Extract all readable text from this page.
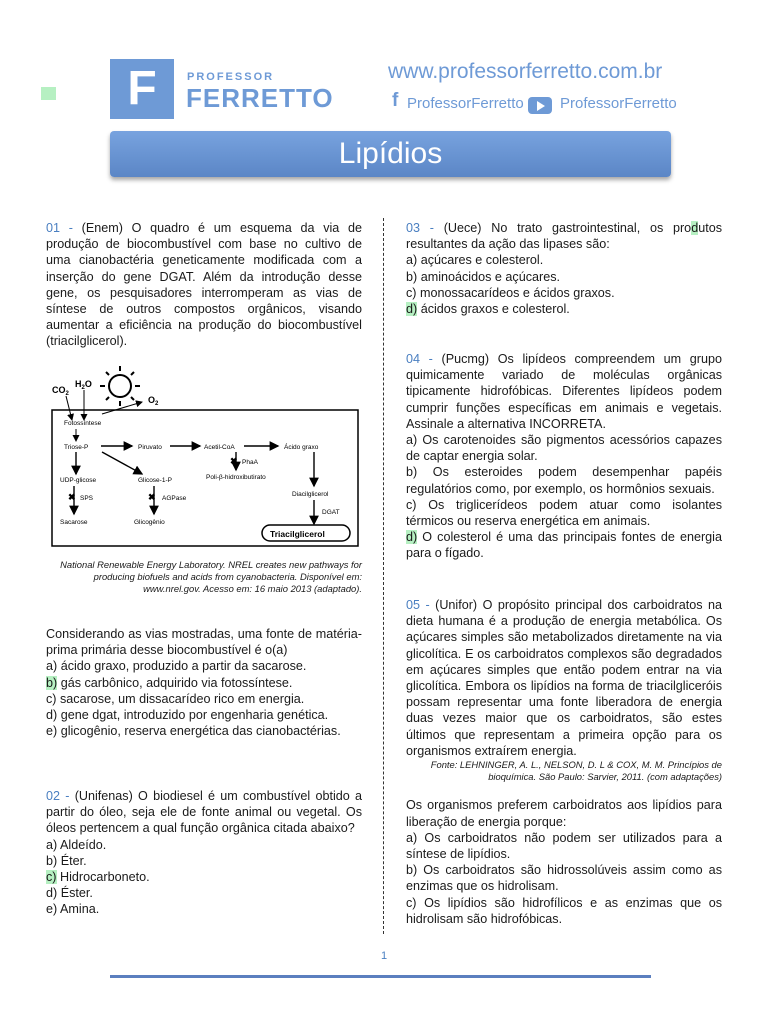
F	PROFESSOR
FERRETTO
www.professorferretto.com.br
f ProfessorFerretto ProfessorFerretto
Lipídios

01 - (Enem) O quadro é um esquema da via de produção de biocombustível com base no cultivo de uma cianobactéria geneticamente modificada com a inserção do gene DGAT. Além da introdução desse gene, os pesquisadores interromperam as vias de síntese de outros compostos orgânicos, visando aumentar a eficiência na produção do biocombustível (triacilglicerol).

$CO_2$
$H_2O$
$O_2$
Fotossíntese
Triose-P	Piruvato	Acetil-CoA	Ácido graxo
✖ PhaA
Poli-β-hidroxibutirato
Diacilglicerol
DGAT
Triacilglicerol
UDP-glicose	Glicose-1-P
✖ SPS
Sacarose
✖ AGPase
Glicogênio
National Renewable Energy Laboratory. NREL creates new pathways for producing biofuels and acids from cyanobacteria. Disponível em: www.nrel.gov. Acesso em: 16 maio 2013 (adaptado).

Considerando as vias mostradas, uma fonte de matéria-prima primária desse biocombustível é o(a)

a) ácido graxo, produzido a partir da sacarose.

b) gás carbônico, adquirido via fotossíntese.

c) sacarose, um dissacarídeo rico em energia.

d) gene dgat, introduzido por engenharia genética.

e) glicogênio, reserva energética das cianobactérias.

02 - (Unifenas) O biodiesel é um combustível obtido a partir do óleo, seja ele de fonte animal ou vegetal. Os óleos pertencem a qual função orgânica citada abaixo?

a) Aldeído.

b) Éter.

c) Hidrocarboneto.

d) Éster.

e) Amina.

03 - (Uece) No trato gastrointestinal, os produtos resultantes da ação das lipases são:

a) açúcares e colesterol.

b) aminoácidos e açúcares.

c) monossacarídeos e ácidos graxos.

d) ácidos graxos e colesterol.

04 - (Pucmg) Os lipídeos compreendem um grupo quimicamente variado de moléculas orgânicas tipicamente hidrofóbicas. Diferentes lipídeos podem cumprir funções específicas em animais e vegetais. Assinale a alternativa INCORRETA.

a) Os carotenoides são pigmentos acessórios capazes de captar energia solar.

b) Os esteroides podem desempenhar papéis regulatórios como, por exemplo, os hormônios sexuais.

c) Os triglicerídeos podem atuar como isolantes térmicos ou reserva energética em animais.

d) O colesterol é uma das principais fontes de energia para o fígado.

05 - (Unifor) O propósito principal dos carboidratos na dieta humana é a produção de energia metabólica. Os açúcares simples são metabolizados diretamente na via glicolítica. E os carboidratos complexos são degradados em açúcares simples que então podem entrar na via glicolítica. Embora os lipídios na forma de triacilgliceróis possam representar uma fonte liberadora de energia duas vezes maior que os carboidratos, são estes últimos que representam a primeira opção para os organismos extraírem energia.

Fonte: LEHNINGER, A. L., NELSON, D. L & COX, M. M. Princípios de bioquímica. São Paulo: Sarvier, 2011. (com adaptações)

Os organismos preferem carboidratos aos lipídios para liberação de energia porque:

a) Os carboidratos não podem ser utilizados para a síntese de lipídios.

b) Os carboidratos são hidrossolúveis assim como as enzimas que os hidrolisam.

c) Os lipídios são hidrofílicos e as enzimas que os hidrolisam são hidrofóbicas.

1
